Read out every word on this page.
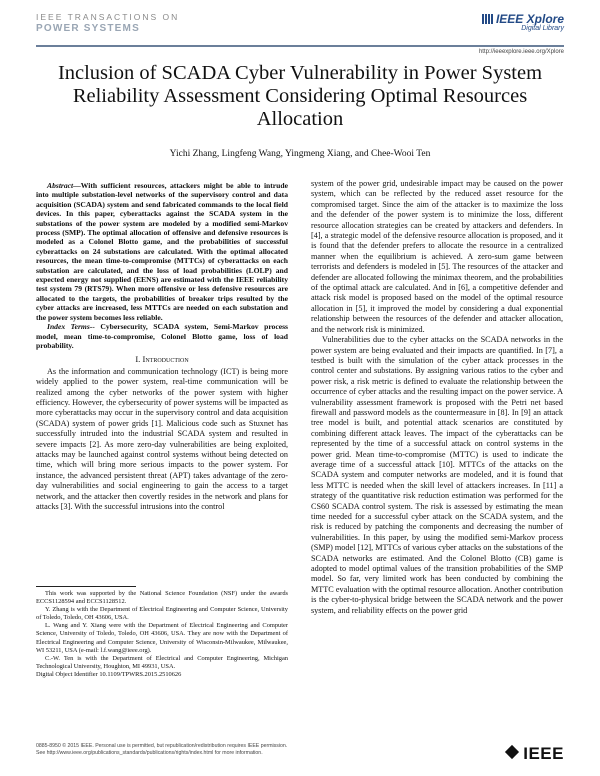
IEEE TRANSACTIONS ON
POWER SYSTEMS
IEEE Xplore
Digital Library
http://ieeexplore.ieee.org/Xplore
Inclusion of SCADA Cyber Vulnerability in Power System Reliability Assessment Considering Optimal Resources Allocation
Yichi Zhang, Lingfeng Wang, Yingmeng Xiang, and Chee-Wooi Ten

Abstract—With sufficient resources, attackers might be able to intrude into multiple substation-level networks of the supervisory control and data acquisition (SCADA) system and send fabricated commands to the local field devices. In this paper, cyberattacks against the SCADA system in the substations of the power system are modeled by a modified semi-Markov process (SMP). The optimal allocation of offensive and defensive resources is modeled as a Colonel Blotto game, and the probabilities of successful cyberattacks on 24 substations are calculated. With the optimal allocated resources, the mean time-to-compromise (MTTCs) of cyberattacks on each substation are calculated, and the loss of load probabilities (LOLP) and expected energy not supplied (EENS) are estimated with the IEEE reliability test system 79 (RTS79). When more offensive or less defensive resources are allocated to the targets, the probabilities of breaker trips resulted by the cyber attacks are increased, less MTTCs are needed on each substation and the power system becomes less reliable.

Index Terms-- Cybersecurity, SCADA system, Semi-Markov process model, mean time-to-compromise, Colonel Blotto game, loss of load probability.

I. Introduction

As the information and communication technology (ICT) is being more widely applied to the power system, real-time communication will be realized among the cyber networks of the power system with higher efficiency. However, the cybersecurity of power systems will be impacted as more cyberattacks may occur in the supervisory control and data acquisition (SCADA) system of power grids [1]. Malicious code such as Stuxnet has successfully intruded into the industrial SCADA system and resulted in severe impacts [2]. As more zero-day vulnerabilities are being exploited, attacks may be launched against control systems without being detected on time, which will bring more serious impacts to the power system. For instance, the advanced persistent threat (APT) takes advantage of the zero-day vulnerabilities and social engineering to gain the access to a target network, and the attacker then covertly resides in the network and plans for attacks [3]. With the successful intrusions into the control

This work was supported by the National Science Foundation (NSF) under the awards ECCS1128594 and ECCS1128512.

Y. Zhang is with the Department of Electrical Engineering and Computer Science, University of Toledo, Toledo, OH 43606, USA.

L. Wang and Y. Xiang were with the Department of Electrical Engineering and Computer Science, University of Toledo, Toledo, OH 43606, USA. They are now with the Department of Electrical Engineering and Computer Science, University of Wisconsin-Milwaukee, Milwaukee, WI 53211, USA (e-mail: l.f.wang@ieee.org).

C.-W. Ten is with the Department of Electrical and Computer Engineering, Michigan Technological University, Houghton, MI 49931, USA.

Digital Object Identifier 10.1109/TPWRS.2015.2510626

system of the power grid, undesirable impact may be caused on the power system, which can be reflected by the reduced asset resource for the compromised target. Since the aim of the attacker is to maximize the loss and the defender of the power system is to minimize the loss, different resource allocation strategies can be created by attackers and defenders. In [4], a strategic model of the defensive resource allocation is proposed, and it is found that the defender prefers to allocate the resource in a centralized manner when the equilibrium is achieved. A zero-sum game between terrorists and defenders is modeled in [5]. The resources of the attacker and defender are allocated following the minimax theorem, and the probabilities of the optimal attack are calculated. And in [6], a competitive defender and attack risk model is proposed based on the model of the optimal resource allocation in [5], it improved the model by considering a dual exponential relationship between the resources of the defender and attacker allocation, and the network risk is minimized.

Vulnerabilities due to the cyber attacks on the SCADA networks in the power system are being evaluated and their impacts are quantified. In [7], a testbed is built with the simulation of the cyber attack processes in the control center and substations. By assigning various ratios to the cyber and power risk, a risk metric is defined to evaluate the relationship between the occurrence of cyber attacks and the resulting impact on the power service. A vulnerability assessment framework is proposed with the Petri net based firewall and password models as the countermeasure in [8]. In [9] an attack tree model is built, and potential attack scenarios are constituted by combining different attack leaves. The impact of the cyberattacks can be represented by the time of a successful attack on control systems in the power grid. Mean time-to-compromise (MTTC) is used to indicate the average time of a successful attack [10]. MTTCs of the attacks on the SCADA system and computer networks are modeled, and it is found that less MTTC is needed when the skill level of attackers increases. In [11] a strategy of the quantitative risk reduction estimation was performed for the CS60 SCADA control system. The risk is assessed by estimating the mean time needed for a successful cyber attack on the SCADA system, and the risk is reduced by patching the components and decreasing the number of vulnerabilities. In this paper, by using the modified semi-Markov process (SMP) model [12], MTTCs of various cyber attacks on the substations of the SCADA networks are estimated. And the Colonel Blotto (CB) game is adopted to model optimal values of the transition probabilities of the SMP model. So far, very limited work has been conducted by combining the MTTC evaluation with the optimal resource allocation. Another contribution is the cyber-to-physical bridge between the SCADA network and the power system, and reliability effects on the power grid

0885-8950 © 2015 IEEE. Personal use is permitted, but republication/redistribution requires IEEE permission.
See http://www.ieee.org/publications_standards/publications/rights/index.html for more information.	IEEE
